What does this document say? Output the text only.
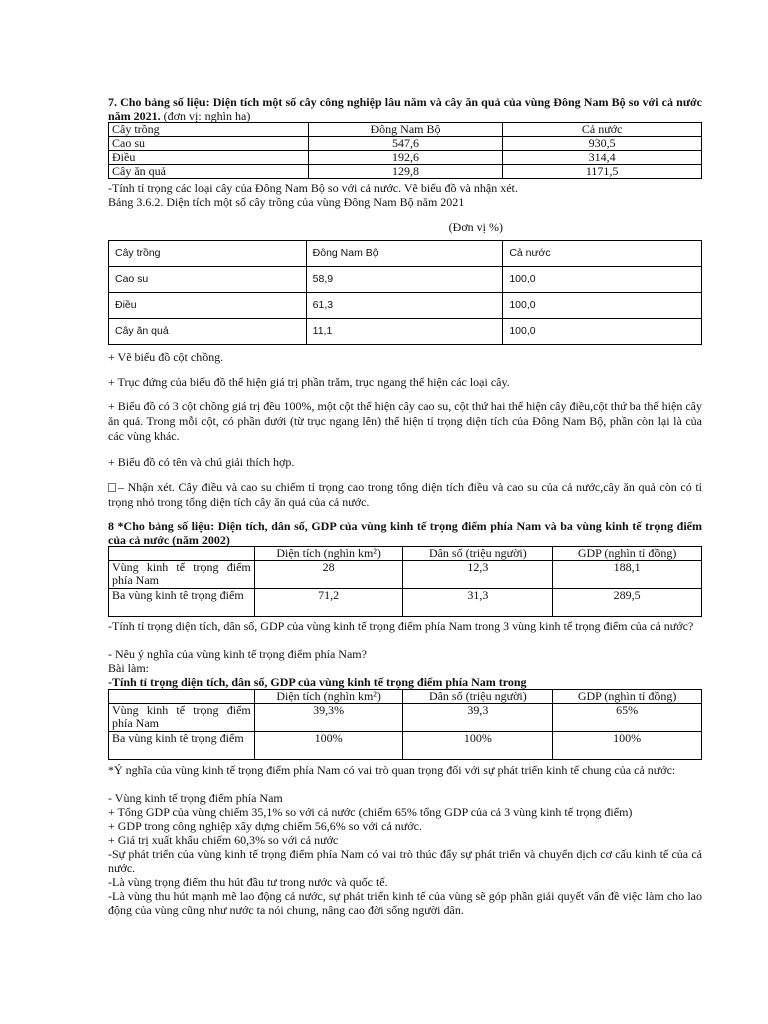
7. Cho bảng số liệu: Diện tích một số cây công nghiệp lâu năm và cây ăn quả của vùng Đông Nam Bộ so với cả nước năm 2021. (đơn vị: nghìn ha)
Cây trồng	Đông Nam Bộ	Cả nước
Cao su	547,6	930,5
Điều	192,6	314,4
Cây ăn quả	129,8	1171,5
-Tính tỉ trọng các loại cây của Đông Nam Bộ so với cả nước. Vẽ biểu đồ và nhận xét.
Bảng 3.6.2. Diện tích một số cây trồng của vùng Đông Nam Bộ năm 2021
(Đơn vị %)
Cây trồng	Đông Nam Bộ	Cả nước
Cao su	58,9	100,0
Điều	61,3	100,0
Cây ăn quả	11,1	100,0
+ Vẽ biểu đồ cột chồng.
+ Trục đứng của biểu đồ thể hiện giá trị phần trăm, trục ngang thể hiện các loại cây.
+ Biểu đồ có 3 cột chồng giá trị đều 100%, một cột thể hiện cây cao su, cột thứ hai thể hiện cây điều,cột thứ ba thể hiện cây ăn quả. Trong mỗi cột, có phần dưới (từ trục ngang lên) thể hiện tỉ trọng diện tích của Đông Nam Bộ, phần còn lại là của các vùng khác.
+ Biểu đồ có tên và chú giải thích hợp.
– Nhận xét. Cây điều và cao su chiếm tỉ trọng cao trong tổng diện tích điều và cao su của cả nước,cây ăn quả còn có tỉ trọng nhỏ trong tổng diện tích cây ăn quả của cả nước.
8 *Cho bảng số liệu: Diện tích, dân số, GDP của vùng kinh tế trọng điểm phía Nam và ba vùng kinh tế trọng điểm của cả nước (năm 2002)
	Diện tích (nghìn km²)	Dân số (triệu người)	GDP (nghìn tỉ đồng)
Vùng kinh tế trọng điểm phía Nam	28	12,3	188,1
Ba vùng kinh tê trọng điểm	71,2	31,3	289,5
-Tính tỉ trọng diện tích, dân số, GDP của vùng kinh tế trọng điểm phía Nam trong 3 vùng kinh tế trọng điểm của cả nước?
- Nêu ý nghĩa của vùng kinh tế trọng điểm phía Nam?
Bài làm:
-Tính tỉ trọng diện tích, dân số, GDP của vùng kinh tế trọng điểm phía Nam trong
	Diện tích (nghìn km²)	Dân số (triệu người)	GDP (nghìn tỉ đồng)
Vùng kinh tế trọng điểm phía Nam	39,3%	39,3	65%
Ba vùng kinh tê trọng điểm	100%	100%	100%
*Ý nghĩa của vùng kinh tế trọng điểm phía Nam có vai trò quan trọng đối với sự phát triển kinh tế chung của cả nước:
- Vùng kinh tế trọng điểm phía Nam
+ Tổng GDP của vùng chiếm 35,1% so với cả nước (chiếm 65% tổng GDP của cả 3 vùng kinh tế trọng điểm)
+ GDP trong công nghiệp xây dựng chiếm 56,6% so với cả nước.
+ Giá trị xuất khẩu chiếm 60,3% so với cả nước
-Sự phát triển của vùng kinh tế trọng điểm phía Nam có vai trò thúc đẩy sự phát triển và chuyển dịch cơ cấu kinh tế của cả nước.
-Là vùng trọng điểm thu hút đầu tư trong nước và quốc tế.
-Là vùng thu hút mạnh mẽ lao động cả nước, sự phát triển kinh tế của vùng sẽ góp phần giải quyết vấn đề việc làm cho lao động của vùng cũng như nước ta nói chung, nâng cao đời sống người dân.
